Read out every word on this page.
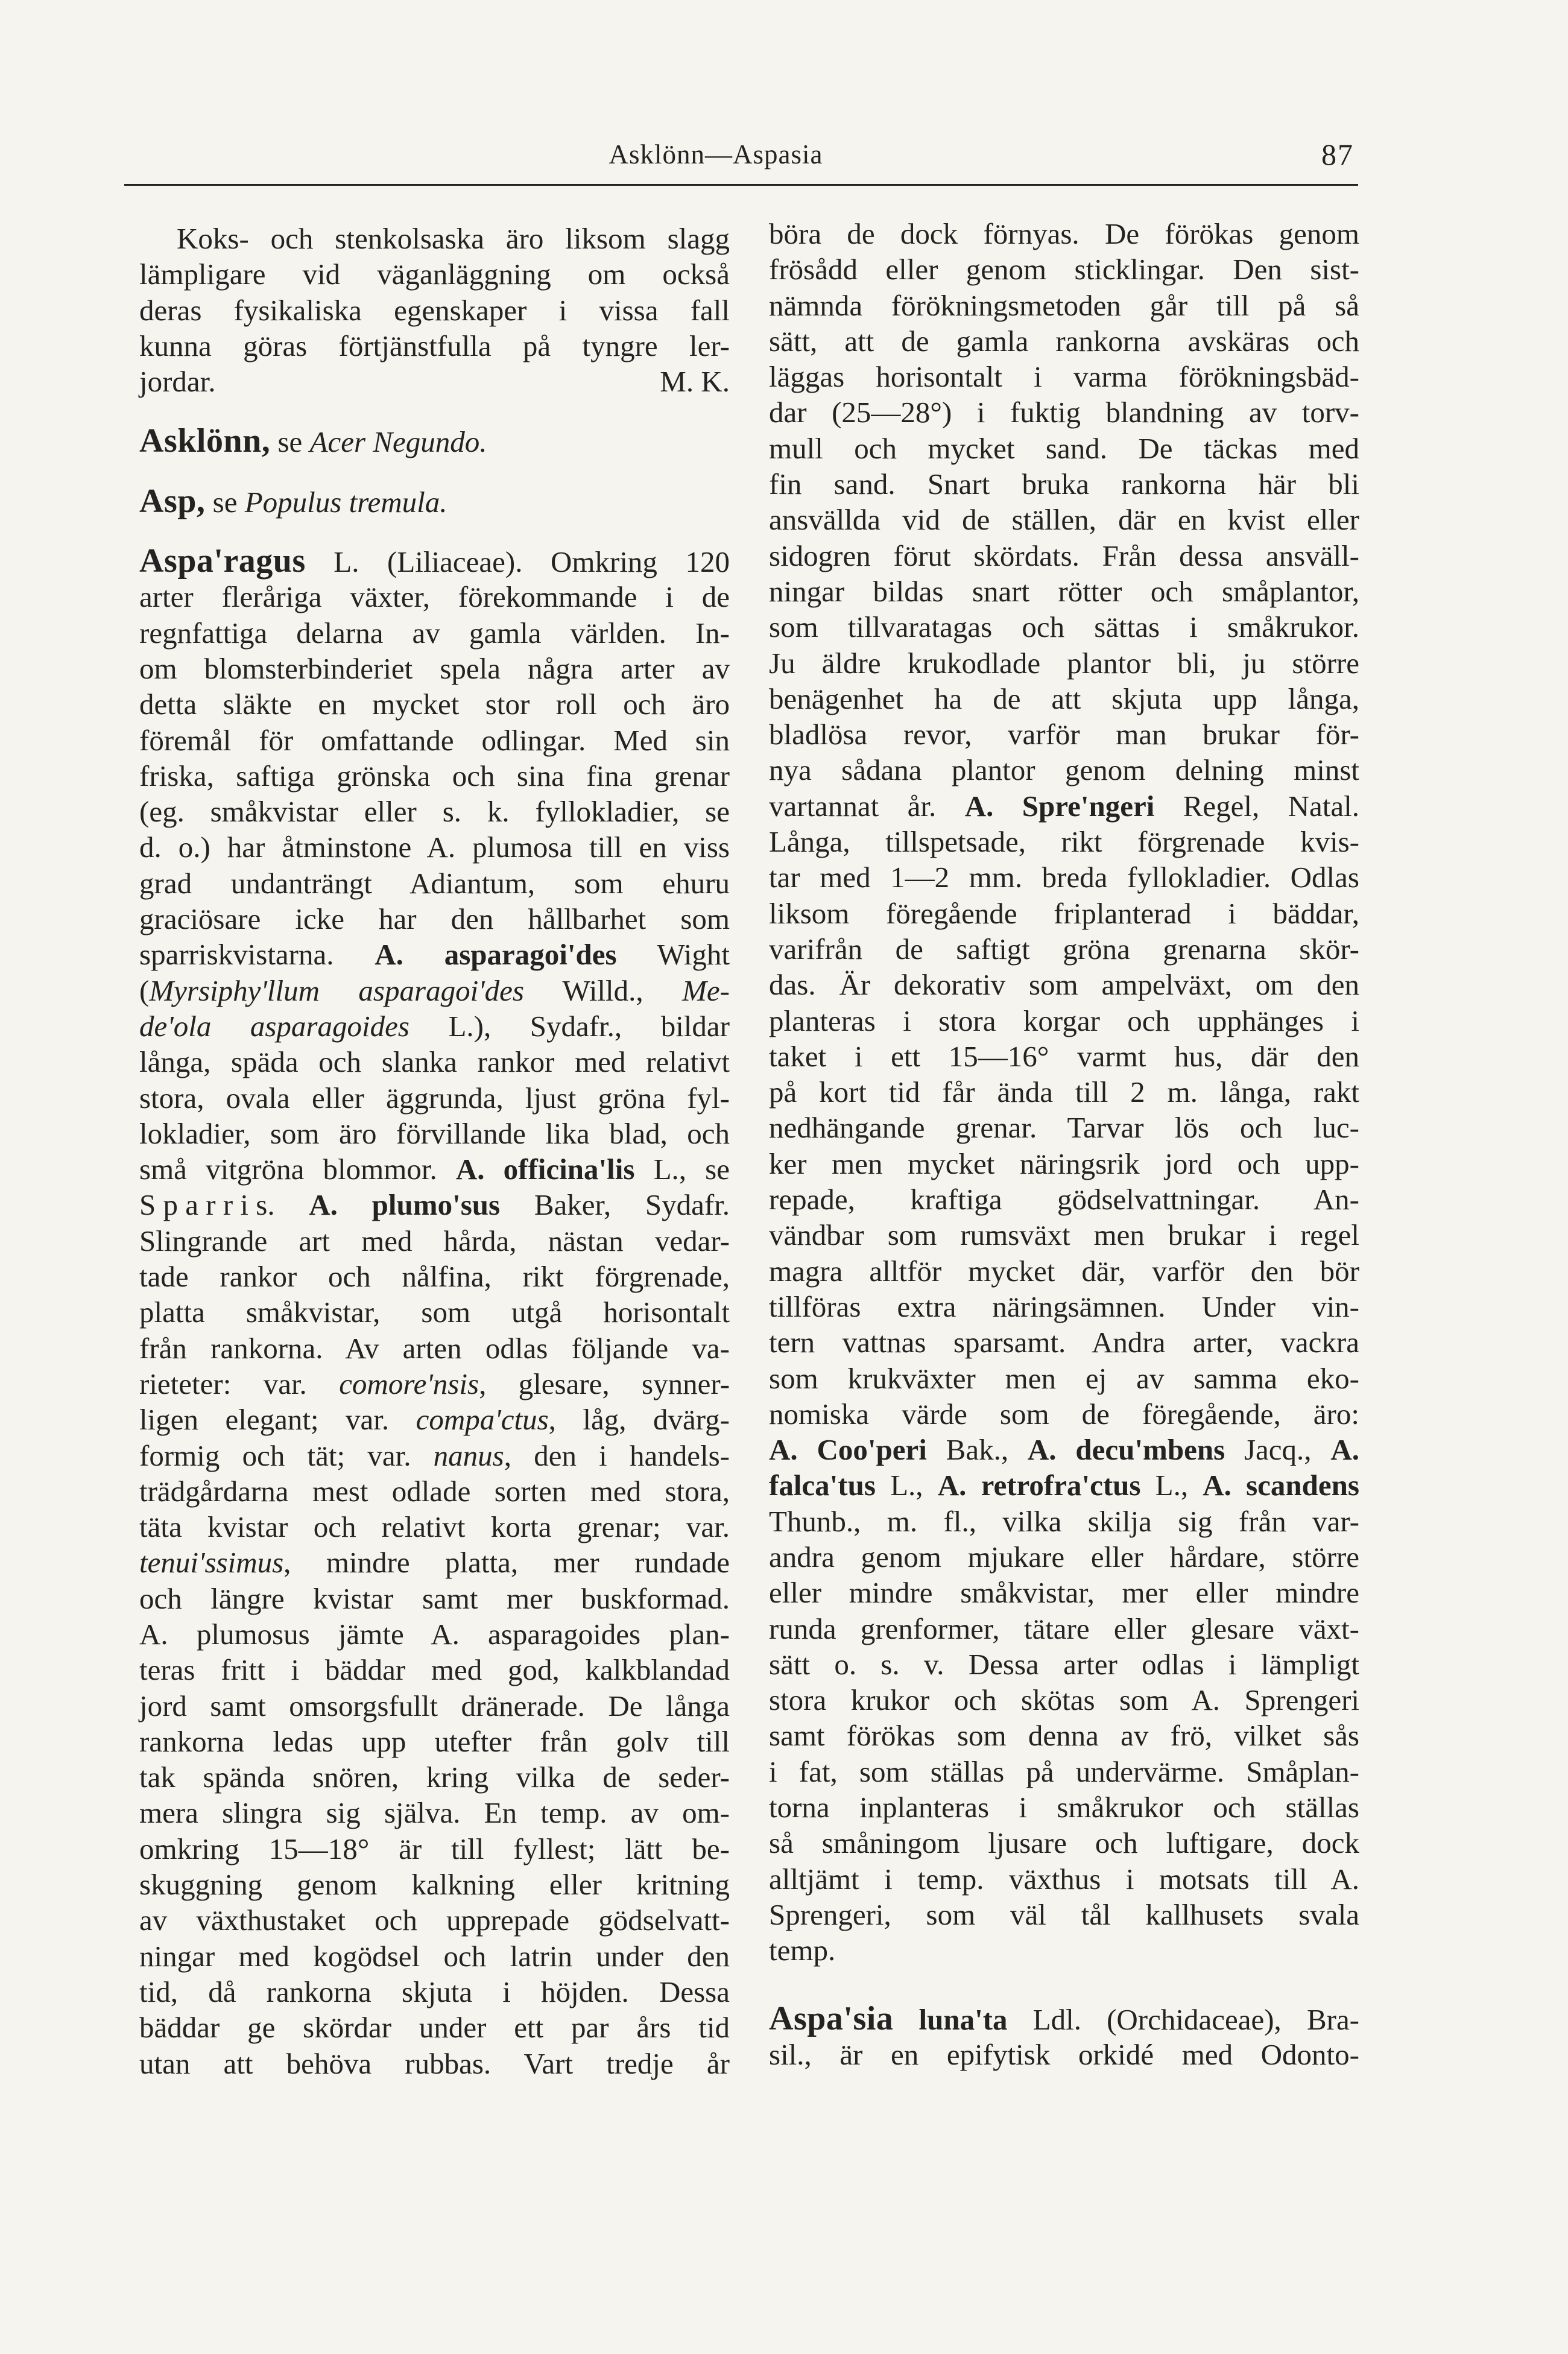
Asklönn—Aspasia	87
Koks- och stenkolsaska äro liksom slagg
lämpligare vid väganläggning om också
deras fysikaliska egenskaper i vissa fall
kunna göras förtjänstfulla på tyngre ler-
jordar.	M. K.
Asklönn, se Acer Negundo.
Asp, se Populus tremula.
Aspa'ragus L. (Liliaceae). Omkring 120
arter fleråriga växter, förekommande i de
regnfattiga delarna av gamla världen. In-
om blomsterbinderiet spela några arter av
detta släkte en mycket stor roll och äro
föremål för omfattande odlingar. Med sin
friska, saftiga grönska och sina fina grenar
(eg. småkvistar eller s. k. fyllokladier, se
d. o.) har åtminstone A. plumosa till en viss
grad undanträngt Adiantum, som ehuru
graciösare icke har den hållbarhet som
sparriskvistarna. A. asparagoi'des Wight
(Myrsiphy'llum asparagoi'des Willd., Me-
de'ola asparagoides L.), Sydafr., bildar
långa, späda och slanka rankor med relativt
stora, ovala eller äggrunda, ljust gröna fyl-
lokladier, som äro förvillande lika blad, och
små vitgröna blommor. A. officina'lis L., se
S p a r r i s. A. plumo'sus Baker, Sydafr.
Slingrande art med hårda, nästan vedar-
tade rankor och nålfina, rikt förgrenade,
platta småkvistar, som utgå horisontalt
från rankorna. Av arten odlas följande va-
rieteter: var. comore'nsis, glesare, synner-
ligen elegant; var. compa'ctus, låg, dvärg-
formig och tät; var. nanus, den i handels-
trädgårdarna mest odlade sorten med stora,
täta kvistar och relativt korta grenar; var.
tenui'ssimus, mindre platta, mer rundade
och längre kvistar samt mer buskformad.
A. plumosus jämte A. asparagoides plan-
teras fritt i bäddar med god, kalkblandad
jord samt omsorgsfullt dränerade. De långa
rankorna ledas upp utefter från golv till
tak spända snören, kring vilka de seder-
mera slingra sig själva. En temp. av om-
omkring 15—18° är till fyllest; lätt be-
skuggning genom kalkning eller kritning
av växthustaket och upprepade gödselvatt-
ningar med kogödsel och latrin under den
tid, då rankorna skjuta i höjden. Dessa
bäddar ge skördar under ett par års tid
utan att behöva rubbas. Vart tredje år
böra de dock förnyas. De förökas genom
frösådd eller genom sticklingar. Den sist-
nämnda förökningsmetoden går till på så
sätt, att de gamla rankorna avskäras och
läggas horisontalt i varma förökningsbäd-
dar (25—28°) i fuktig blandning av torv-
mull och mycket sand. De täckas med
fin sand. Snart bruka rankorna här bli
ansvällda vid de ställen, där en kvist eller
sidogren förut skördats. Från dessa ansväll-
ningar bildas snart rötter och småplantor,
som tillvaratagas och sättas i småkrukor.
Ju äldre krukodlade plantor bli, ju större
benägenhet ha de att skjuta upp långa,
bladlösa revor, varför man brukar för-
nya sådana plantor genom delning minst
vartannat år. A. Spre'ngeri Regel, Natal.
Långa, tillspetsade, rikt förgrenade kvis-
tar med 1—2 mm. breda fyllokladier. Odlas
liksom föregående friplanterad i bäddar,
varifrån de saftigt gröna grenarna skör-
das. Är dekorativ som ampelväxt, om den
planteras i stora korgar och upphänges i
taket i ett 15—16° varmt hus, där den
på kort tid får ända till 2 m. långa, rakt
nedhängande grenar. Tarvar lös och luc-
ker men mycket näringsrik jord och upp-
repade, kraftiga gödselvattningar. An-
vändbar som rumsväxt men brukar i regel
magra alltför mycket där, varför den bör
tillföras extra näringsämnen. Under vin-
tern vattnas sparsamt. Andra arter, vackra
som krukväxter men ej av samma eko-
nomiska värde som de föregående, äro:
A. Coo'peri Bak., A. decu'mbens Jacq., A.
falca'tus L., A. retrofra'ctus L., A. scandens
Thunb., m. fl., vilka skilja sig från var-
andra genom mjukare eller hårdare, större
eller mindre småkvistar, mer eller mindre
runda grenformer, tätare eller glesare växt-
sätt o. s. v. Dessa arter odlas i lämpligt
stora krukor och skötas som A. Sprengeri
samt förökas som denna av frö, vilket sås
i fat, som ställas på undervärme. Småplan-
torna inplanteras i småkrukor och ställas
så småningom ljusare och luftigare, dock
alltjämt i temp. växthus i motsats till A.
Sprengeri, som väl tål kallhusets svala
temp.
Aspa'sia luna'ta Ldl. (Orchidaceae), Bra-
sil., är en epifytisk orkidé med Odonto-
